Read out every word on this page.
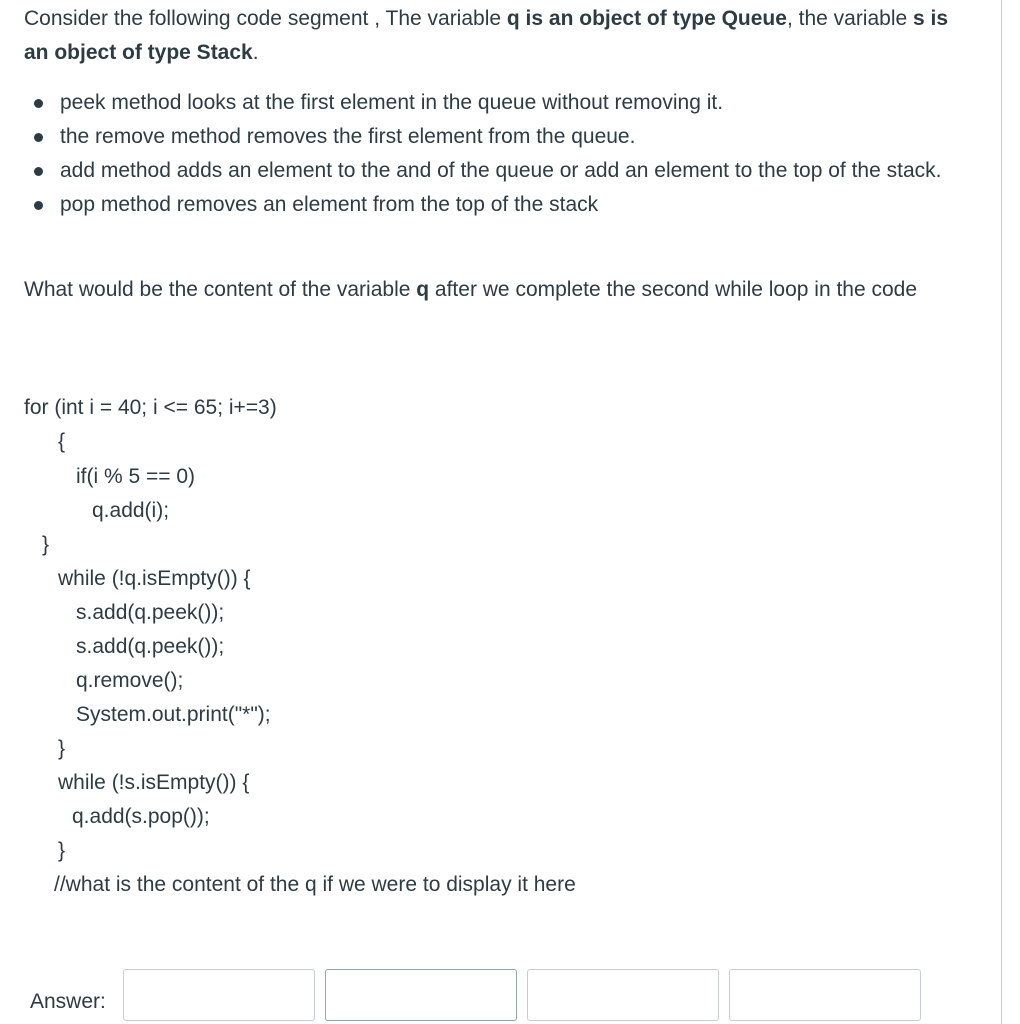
Consider the following code segment , The variable q is an object of type Queue, the variable s is an object of type Stack.
peek method looks at the first element in the queue without removing it.
the remove method removes the first element from the queue.
add method adds an element to the and of the queue or add an element to the top of the stack.
pop method removes an element from the top of the stack
What would be the content of the variable q after we complete the second while loop in the code
for (int i = 40; i <= 65; i+=3)
{
if(i % 5 == 0)
q.add(i);
}
while (!q.isEmpty()) {
s.add(q.peek());
s.add(q.peek());
q.remove();
System.out.print("*");
}
while (!s.isEmpty()) {
q.add(s.pop());
}
//what is the content of the q if we were to display it here
Answer:
